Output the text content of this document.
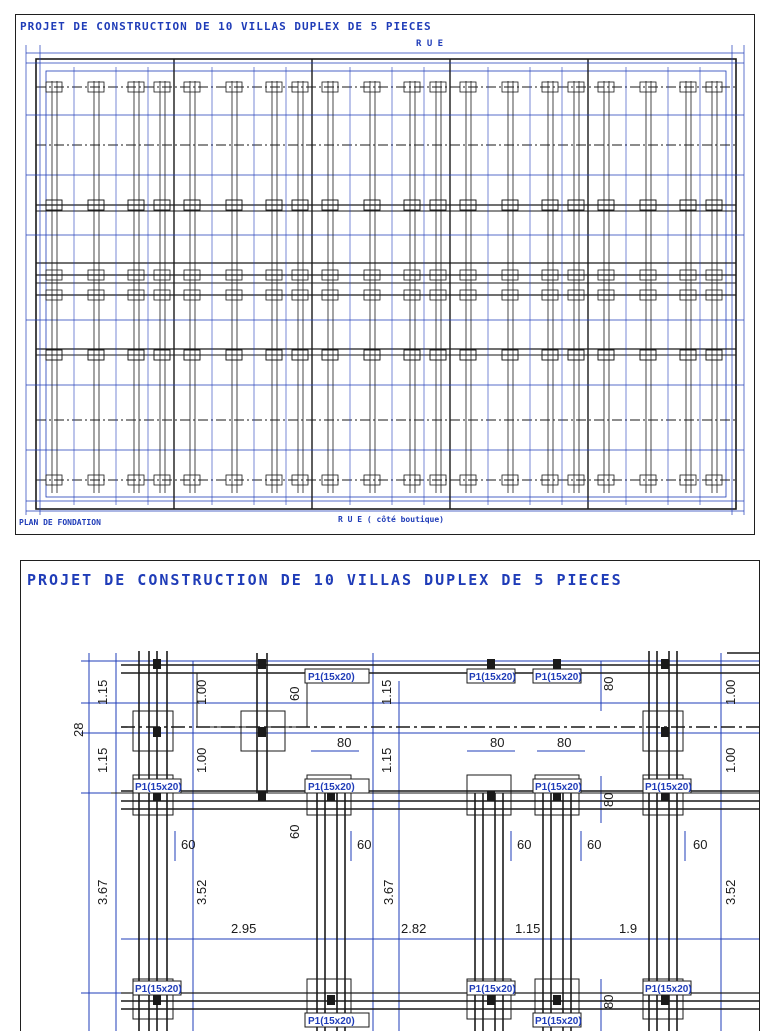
PROJET DE CONSTRUCTION DE 10 VILLAS DUPLEX DE 5 PIECES
R U E
R U E ( côté boutique)
PLAN DE FONDATION
PROJET DE CONSTRUCTION DE 10 VILLAS DUPLEX DE 5 PIECES
28
1.15
1.15
1.00
1.00
1.00
1.00
1.15
1.15
60
60
80	80	80
60	60	60	60	60
3.67	3.52	3.67	3.52
2.95	2.82	1.15	1.9
80
80
80
P1(15x20)	P1(15x20) P1(15x20)
P1(15x20)	P1(15x20)	P1(15x20)	P1(15x20)
P1(15x20)	P1(15x20)	P1(15x20)
P1(15x20)	P1(15x20)
